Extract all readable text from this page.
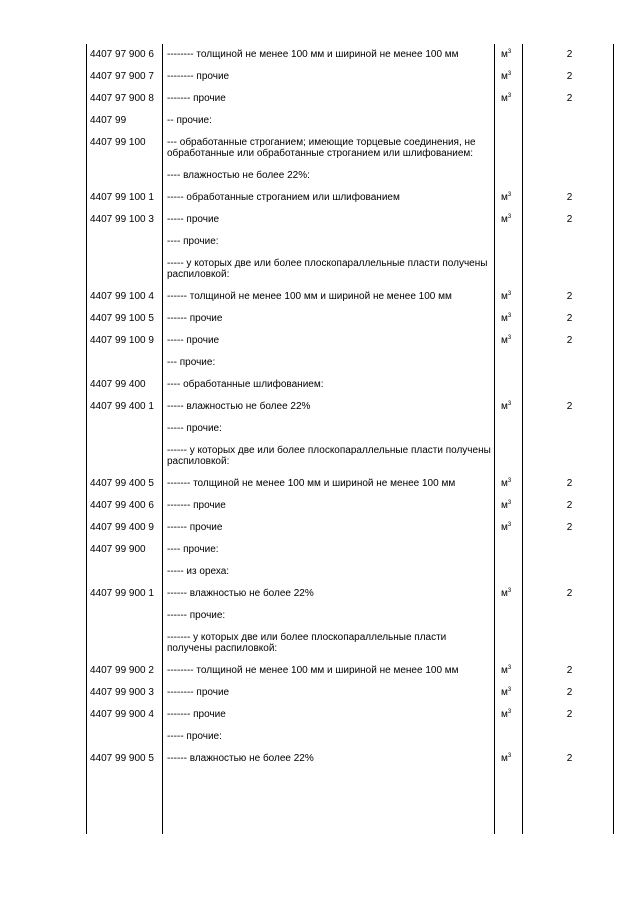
4407 97 900 6	-------- толщиной не менее 100 мм и шириной не менее 100 мм	$м^3$	2
4407 97 900 7	-------- прочие	$м^3$	2
4407 97 900 8	------- прочие	$м^3$	2
4407 99	-- прочие:
4407 99 100	--- обработанные строганием; имеющие торцевые соединения, не обработанные или обработанные строганием или шлифованием:
---- влажностью не более 22%:
4407 99 100 1	----- обработанные строганием или шлифованием	$м^3$	2
4407 99 100 3	----- прочие	$м^3$	2
---- прочие:
----- у которых две или более плоскопараллельные пласти получены распиловкой:
4407 99 100 4	------ толщиной не менее 100 мм и шириной не менее 100 мм	$м^3$	2
4407 99 100 5	------ прочие	$м^3$	2
4407 99 100 9	----- прочие	$м^3$	2
--- прочие:
4407 99 400	---- обработанные шлифованием:
4407 99 400 1	----- влажностью не более 22%	$м^3$	2
----- прочие:
------ у которых две или более плоскопараллельные пласти получены распиловкой:
4407 99 400 5	------- толщиной не менее 100 мм и шириной не менее 100 мм	$м^3$	2
4407 99 400 6	------- прочие	$м^3$	2
4407 99 400 9	------ прочие	$м^3$	2
4407 99 900	---- прочие:
----- из ореха:
4407 99 900 1	------ влажностью не более 22%	$м^3$	2
------ прочие:
------- у которых две или более плоскопараллельные пласти получены распиловкой:
4407 99 900 2	-------- толщиной не менее 100 мм и шириной не менее 100 мм	$м^3$	2
4407 99 900 3	-------- прочие	$м^3$	2
4407 99 900 4	------- прочие	$м^3$	2
----- прочие:
4407 99 900 5	------ влажностью не более 22%	$м^3$	2
